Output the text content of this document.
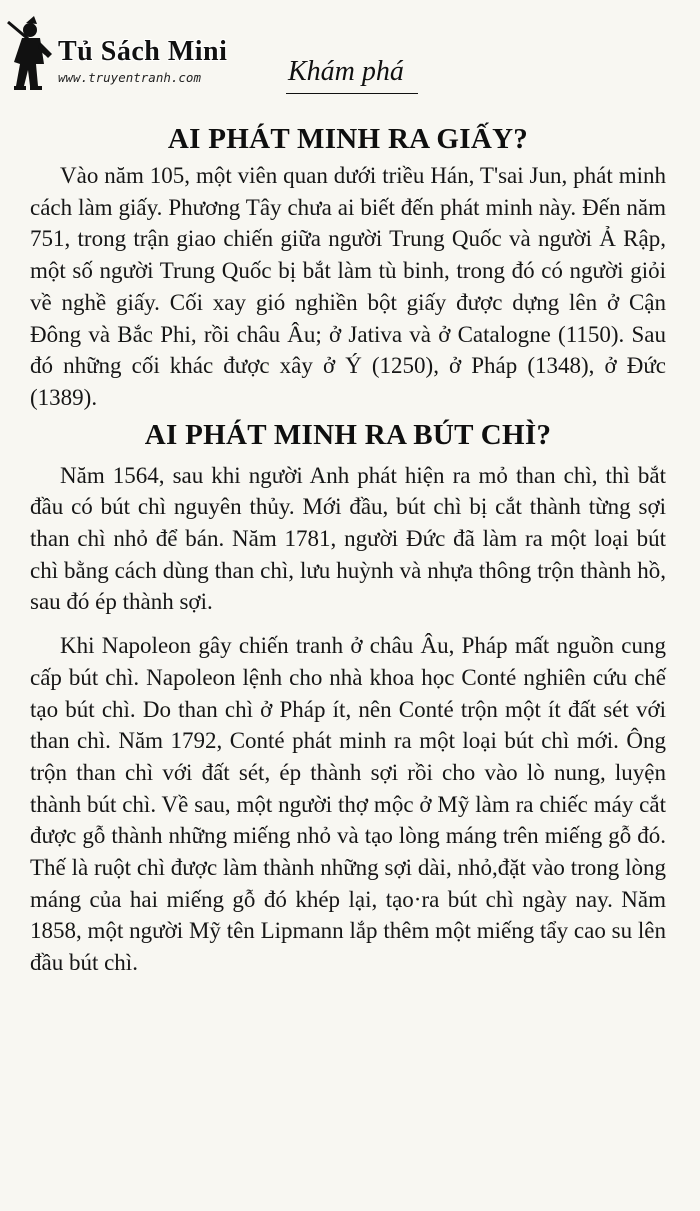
Tủ Sách Mini
www.truyentranh.com	Khám phá
AI PHÁT MINH RA GIẤY?

Vào năm 105, một viên quan dưới triều Hán, T'sai Jun, phát minh cách làm giấy. Phương Tây chưa ai biết đến phát minh này. Đến năm 751, trong trận giao chiến giữa người Trung Quốc và người Ả Rập, một số người Trung Quốc bị bắt làm tù binh, trong đó có người giỏi về nghề giấy. Cối xay gió nghiền bột giấy được dựng lên ở Cận Đông và Bắc Phi, rồi châu Âu; ở Jativa và ở Catalogne (1150). Sau đó những cối khác được xây ở Ý (1250), ở Pháp (1348), ở Đức (1389).

AI PHÁT MINH RA BÚT CHÌ?

Năm 1564, sau khi người Anh phát hiện ra mỏ than chì, thì bắt đầu có bút chì nguyên thủy. Mới đầu, bút chì bị cắt thành từng sợi than chì nhỏ để bán. Năm 1781, người Đức đã làm ra một loại bút chì bằng cách dùng than chì, lưu huỳnh và nhựa thông trộn thành hồ, sau đó ép thành sợi.

Khi Napoleon gây chiến tranh ở châu Âu, Pháp mất nguồn cung cấp bút chì. Napoleon lệnh cho nhà khoa học Conté nghiên cứu chế tạo bút chì. Do than chì ở Pháp ít, nên Conté trộn một ít đất sét với than chì. Năm 1792, Conté phát minh ra một loại bút chì mới. Ông trộn than chì với đất sét, ép thành sợi rồi cho vào lò nung, luyện thành bút chì. Về sau, một người thợ mộc ở Mỹ làm ra chiếc máy cắt được gỗ thành những miếng nhỏ và tạo lòng máng trên miếng gỗ đó. Thế là ruột chì được làm thành những sợi dài, nhỏ,đặt vào trong lòng máng của hai miếng gỗ đó khép lại, tạo·ra bút chì ngày nay. Năm 1858, một người Mỹ tên Lipmann lắp thêm một miếng tẩy cao su lên đầu bút chì.
